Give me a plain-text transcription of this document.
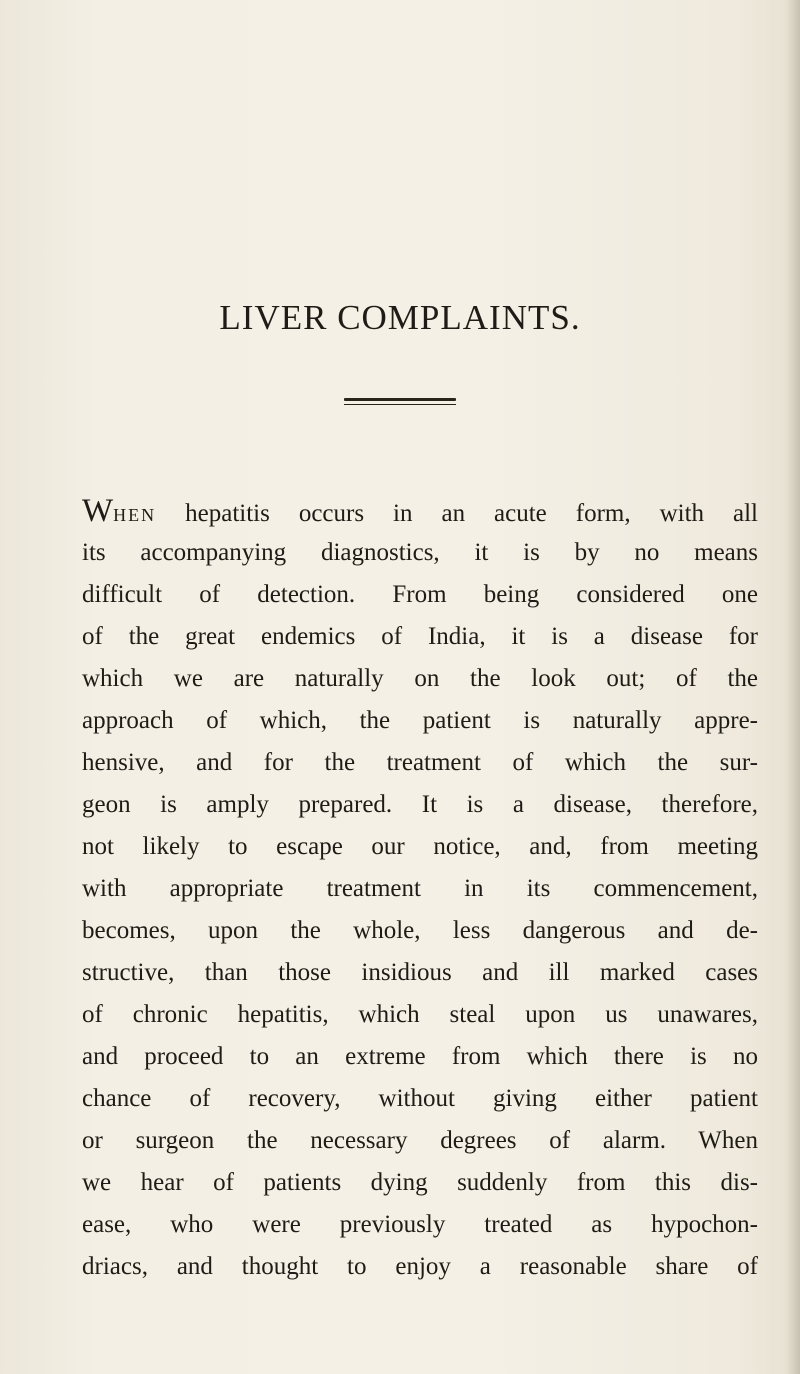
LIVER COMPLAINTS.
WHEN hepatitis occurs in an acute form, with all
its accompanying diagnostics, it is by no means
difficult of detection. From being considered one
of the great endemics of India, it is a disease for
which we are naturally on the look out; of the
approach of which, the patient is naturally appre-
hensive, and for the treatment of which the sur-
geon is amply prepared. It is a disease, therefore,
not likely to escape our notice, and, from meeting
with appropriate treatment in its commencement,
becomes, upon the whole, less dangerous and de-
structive, than those insidious and ill marked cases
of chronic hepatitis, which steal upon us unawares,
and proceed to an extreme from which there is no
chance of recovery, without giving either patient
or surgeon the necessary degrees of alarm. When
we hear of patients dying suddenly from this dis-
ease, who were previously treated as hypochon-
driacs, and thought to enjoy a reasonable share of
